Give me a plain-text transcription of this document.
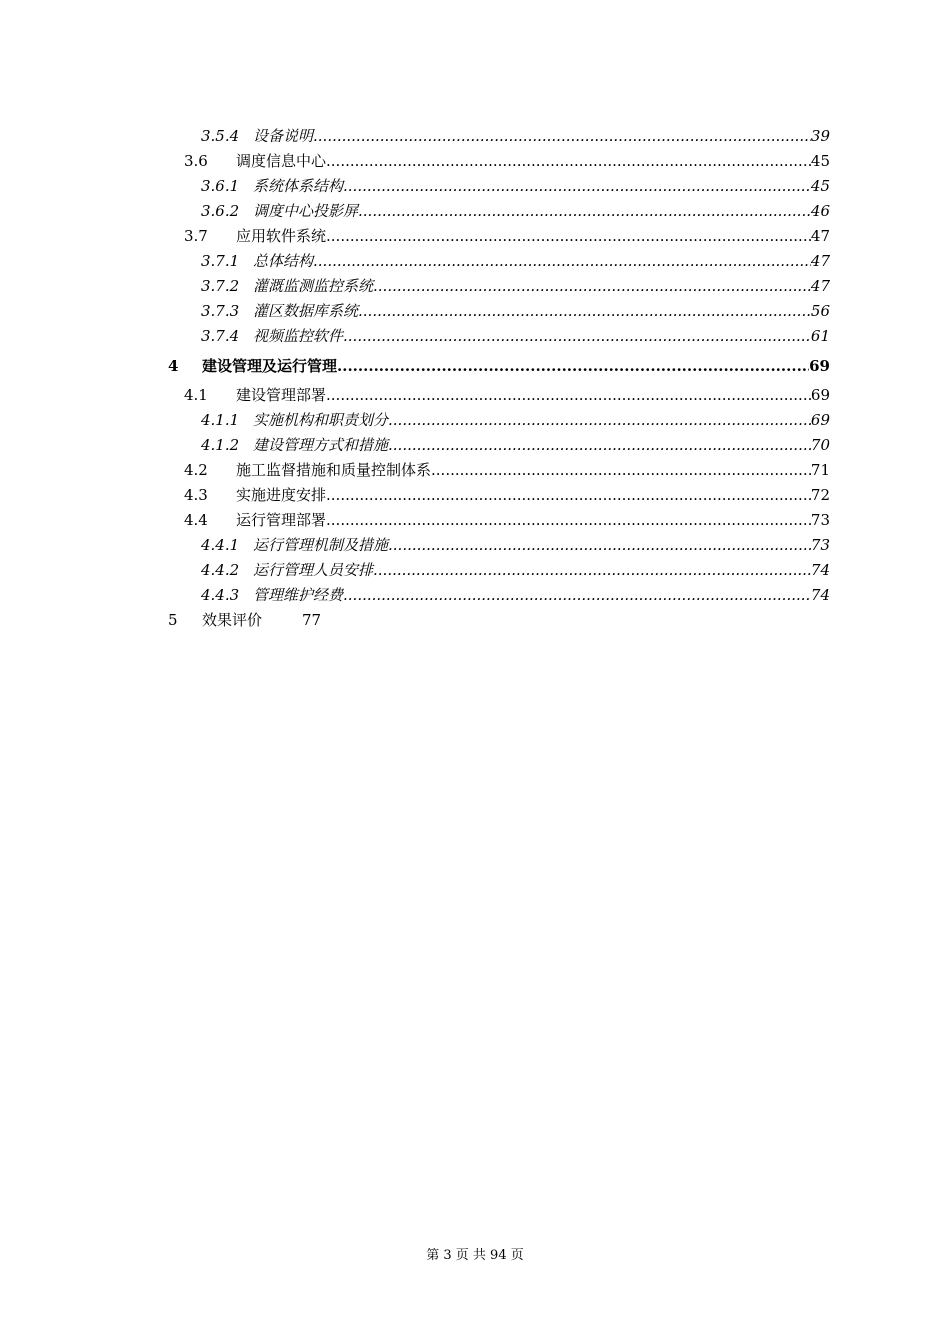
3.5.4 设备说明 .....	39
3.6 调度信息中心 .....	45
3.6.1 系统体系结构 .....	45
3.6.2 调度中心投影屏 .....	46
3.7 应用软件系统 .....	47
3.7.1 总体结构 .....	47
3.7.2 灌溉监测监控系统 .....	47
3.7.3 灌区数据库系统 .....	56
3.7.4 视频监控软件 .....	61
4 建设管理及运行管理 .....	69
4.1 建设管理部署 .....	69
4.1.1 实施机构和职责划分 .....	69
4.1.2 建设管理方式和措施 .....	70
4.2 施工监督措施和质量控制体系 .....	71
4.3 实施进度安排 .....	72
4.4 运行管理部署 .....	73
4.4.1 运行管理机制及措施 .....	73
4.4.2 运行管理人员安排 .....	74
4.4.3 管理维护经费 .....	74
5 效果评价	77
第 3 页 共 94 页
